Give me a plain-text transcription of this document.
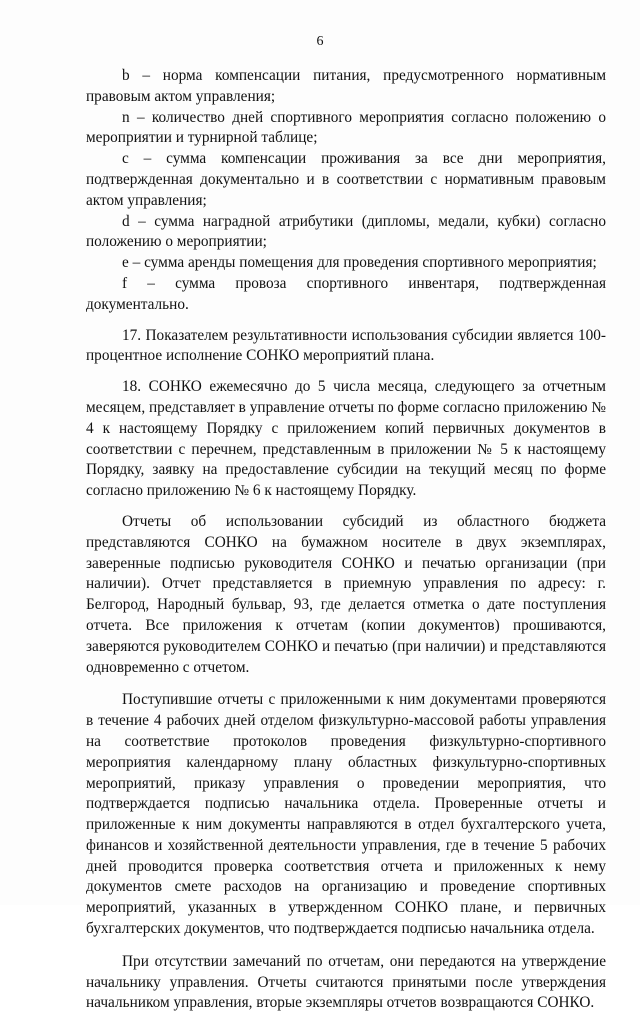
6

b – норма компенсации питания, предусмотренного нормативным правовым актом управления;

n – количество дней спортивного мероприятия согласно положению о мероприятии и турнирной таблице;

c – сумма компенсации проживания за все дни мероприятия, подтвержденная документально и в соответствии с нормативным правовым актом управления;

d – сумма наградной атрибутики (дипломы, медали, кубки) согласно положению о мероприятии;

e – сумма аренды помещения для проведения спортивного мероприятия;

f – сумма провоза спортивного инвентаря, подтвержденная документально.

17. Показателем результативности использования субсидии является 100-процентное исполнение СОНКО мероприятий плана.

18. СОНКО ежемесячно до 5 числа месяца, следующего за отчетным месяцем, представляет в управление отчеты по форме согласно приложению № 4 к настоящему Порядку с приложением копий первичных документов в соответствии с перечнем, представленным в приложении № 5 к настоящему Порядку, заявку на предоставление субсидии на текущий месяц по форме согласно приложению № 6 к настоящему Порядку.

Отчеты об использовании субсидий из областного бюджета представляются СОНКО на бумажном носителе в двух экземплярах, заверенные подписью руководителя СОНКО и печатью организации (при наличии). Отчет представляется в приемную управления по адресу: г. Белгород, Народный бульвар, 93, где делается отметка о дате поступления отчета. Все приложения к отчетам (копии документов) прошиваются, заверяются руководителем СОНКО и печатью (при наличии) и представляются одновременно с отчетом.

Поступившие отчеты с приложенными к ним документами проверяются в течение 4 рабочих дней отделом физкультурно-массовой работы управления на соответствие протоколов проведения физкультурно-спортивного мероприятия календарному плану областных физкультурно-спортивных мероприятий, приказу управления о проведении мероприятия, что подтверждается подписью начальника отдела. Проверенные отчеты и приложенные к ним документы направляются в отдел бухгалтерского учета, финансов и хозяйственной деятельности управления, где в течение 5 рабочих дней проводится проверка соответствия отчета и приложенных к нему документов смете расходов на организацию и проведение спортивных мероприятий, указанных в утвержденном СОНКО плане, и первичных бухгалтерских документов, что подтверждается подписью начальника отдела.

При отсутствии замечаний по отчетам, они передаются на утверждение начальнику управления. Отчеты считаются принятыми после утверждения начальником управления, вторые экземпляры отчетов возвращаются СОНКО.
